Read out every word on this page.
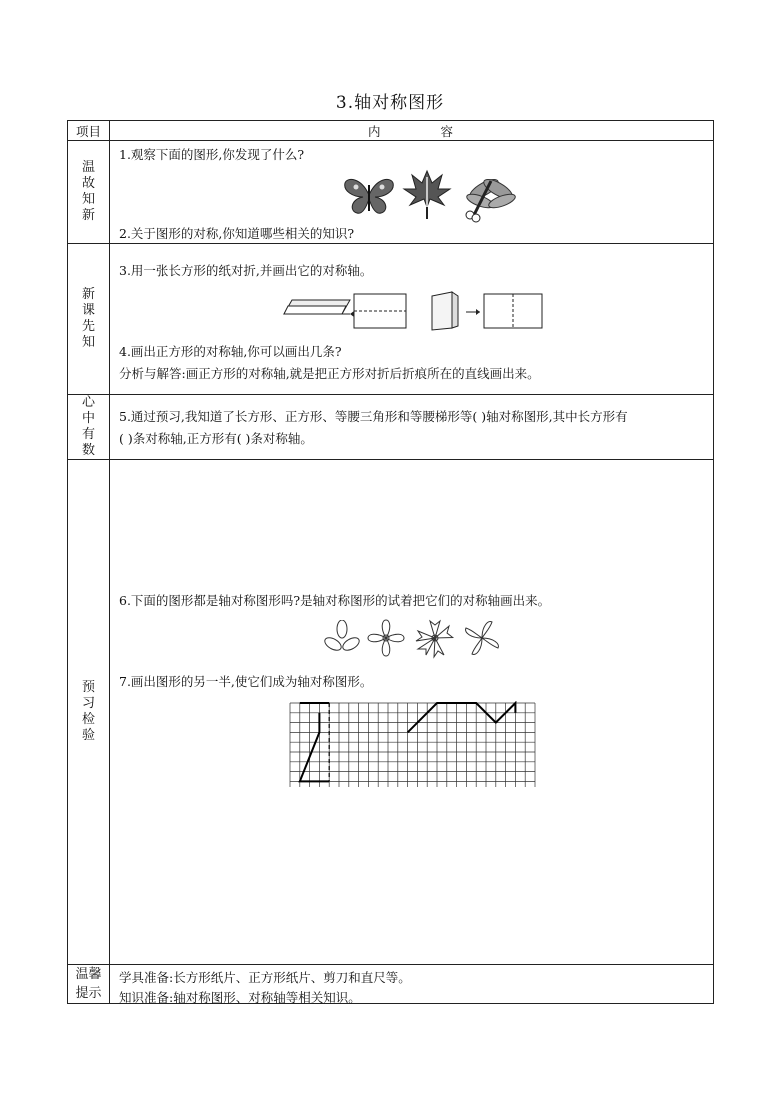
3.轴对称图形
项目	内 容
温故知新	1.观察下面的图形,你发现了什么?
2.关于图形的对称,你知道哪些相关的知识?

新课先知	3.用一张长方形的纸对折,并画出它的对称轴。
4.画出正方形的对称轴,你可以画出几条?
分析与解答:画正方形的对称轴,就是把正方形对折后折痕所在的直线画出来。

心中有数	5.通过预习,我知道了长方形、正方形、等腰三角形和等腰梯形等( )轴对称图形,其中长方形有
( )条对称轴,正方形有( )条对称轴。

预习检验	6.下面的图形都是轴对称图形吗?是轴对称图形的试着把它们的对称轴画出来。
7.画出图形的另一半,使它们成为轴对称图形。

温馨提示	学具准备:长方形纸片、正方形纸片、剪刀和直尺等。
知识准备:轴对称图形、对称轴等相关知识。
